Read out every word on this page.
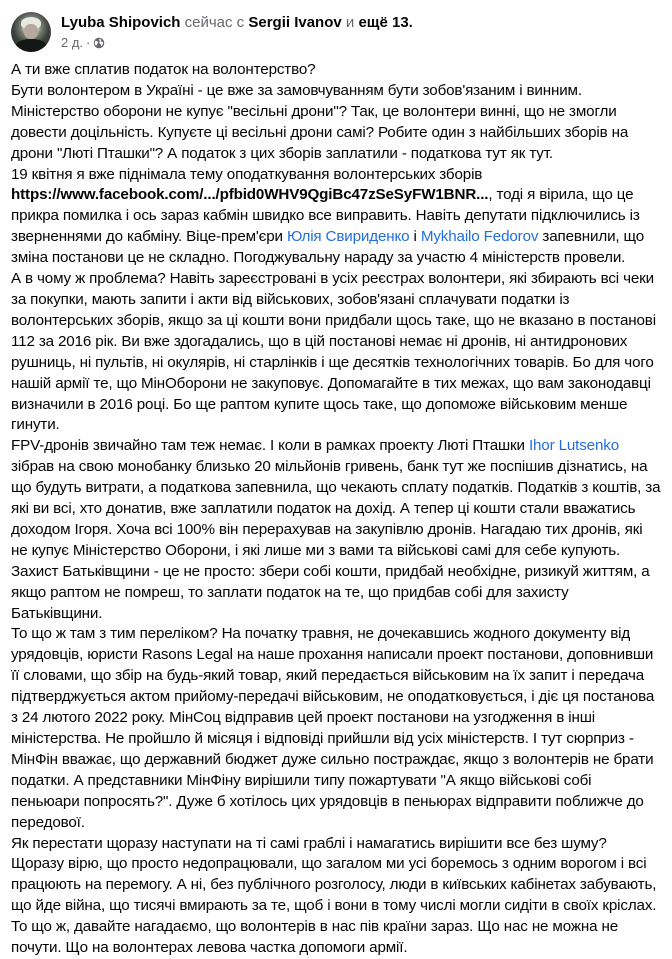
Lyuba Shipovich сейчас с Sergii Ivanov и ещё 13.
2 д. ·

А ти вже сплатив податок на волонтерство?

Бути волонтером в Україні - це вже за замовчуванням бути зобов'язаним і винним. Міністерство оборони не купує "весільні дрони"? Так, це волонтери винні, що не змогли довести доцільність. Купуєте ці весільні дрони самі? Робите один з найбільших зборів на дрони "Люті Пташки"? А податок з цих зборів заплатили - податкова тут як тут.

19 квітня я вже піднімала тему оподаткування волонтерських зборів https://www.facebook.com/.../pfbid0WHV9QgiBc47zSeSyFW1BNR..., тоді я вірила, що це прикра помилка і ось зараз кабмін швидко все виправить. Навіть депутати підключились із зверненнями до кабміну. Віце-прем'єри Юлія Свириденко і Mykhailo Fedorov запевнили, що зміна постанови це не складно. Погоджувальну нараду за участю 4 міністерств провели.

А в чому ж проблема? Навіть зареєстровані в усіх реєстрах волонтери, які збирають всі чеки за покупки, мають запити і акти від військових, зобов'язані сплачувати податки із волонтерських зборів, якщо за ці кошти вони придбали щось таке, що не вказано в постанові 112 за 2016 рік. Ви вже здогадались, що в цій постанові немає ні дронів, ні антидронових рушниць, ні пультів, ні окулярів, ні старлінків і ще десятків технологічних товарів. Бо для чого нашій армії те, що МінОборони не закуповує. Допомагайте в тих межах, що вам законодавці визначили в 2016 році. Бо ще раптом купите щось таке, що допоможе військовим менше гинути.

FPV-дронів звичайно там теж немає. І коли в рамках проекту Люті Пташки Ihor Lutsenko зібрав на свою монобанку близько 20 мільйонів гривень, банк тут же поспішив дізнатись, на що будуть витрати, а податкова запевнила, що чекають сплату податків. Податків з коштів, за які ви всі, хто донатив, вже заплатили податок на дохід. А тепер ці кошти стали вважатись доходом Ігоря. Хоча всі 100% він перерахував на закупівлю дронів. Нагадаю тих дронів, які не купує Міністерство Оборони, і які лише ми з вами та військові самі для себе купують. Захист Батьківщини - це не просто: збери собі кошти, придбай необхідне, ризикуй життям, а якщо раптом не помреш, то заплати податок на те, що придбав собі для захисту Батьківщини.

То що ж там з тим переліком? На початку травня, не дочекавшись жодного документу від урядовців, юристи Rasons Legal на наше прохання написали проект постанови, доповнивши її словами, що збір на будь-який товар, який передається військовим на їх запит і передача підтверджується актом прийому-передачі військовим, не оподатковується, і діє ця постанова з 24 лютого 2022 року. МінСоц відправив цей проект постанови на узгодження в інші міністерства. Не пройшло й місяця і відповіді прийшли від усіх міністерств. І тут сюрприз - МінФін вважає, що державний бюджет дуже сильно постраждає, якщо з волонтерів не брати податки. А представники МінФіну вирішили типу пожартувати "А якщо військові собі пеньюари попросять?". Дуже б хотілось цих урядовців в пеньюрах відправити поближче до передової.

Як перестати щоразу наступати на ті самі граблі і намагатись вирішити все без шуму? Щоразу вірю, що просто недопрацювали, що загалом ми усі боремось з одним ворогом і всі працюють на перемогу. А ні, без публічного розголосу, люди в київських кабінетах забувають, що йде війна, що тисячі вмирають за те, щоб і вони в тому числі могли сидіти в своїх кріслах. То що ж, давайте нагадаємо, що волонтерів в нас пів країни зараз. Що нас не можна не почути. Що на волонтерах левова частка допомоги армії.
